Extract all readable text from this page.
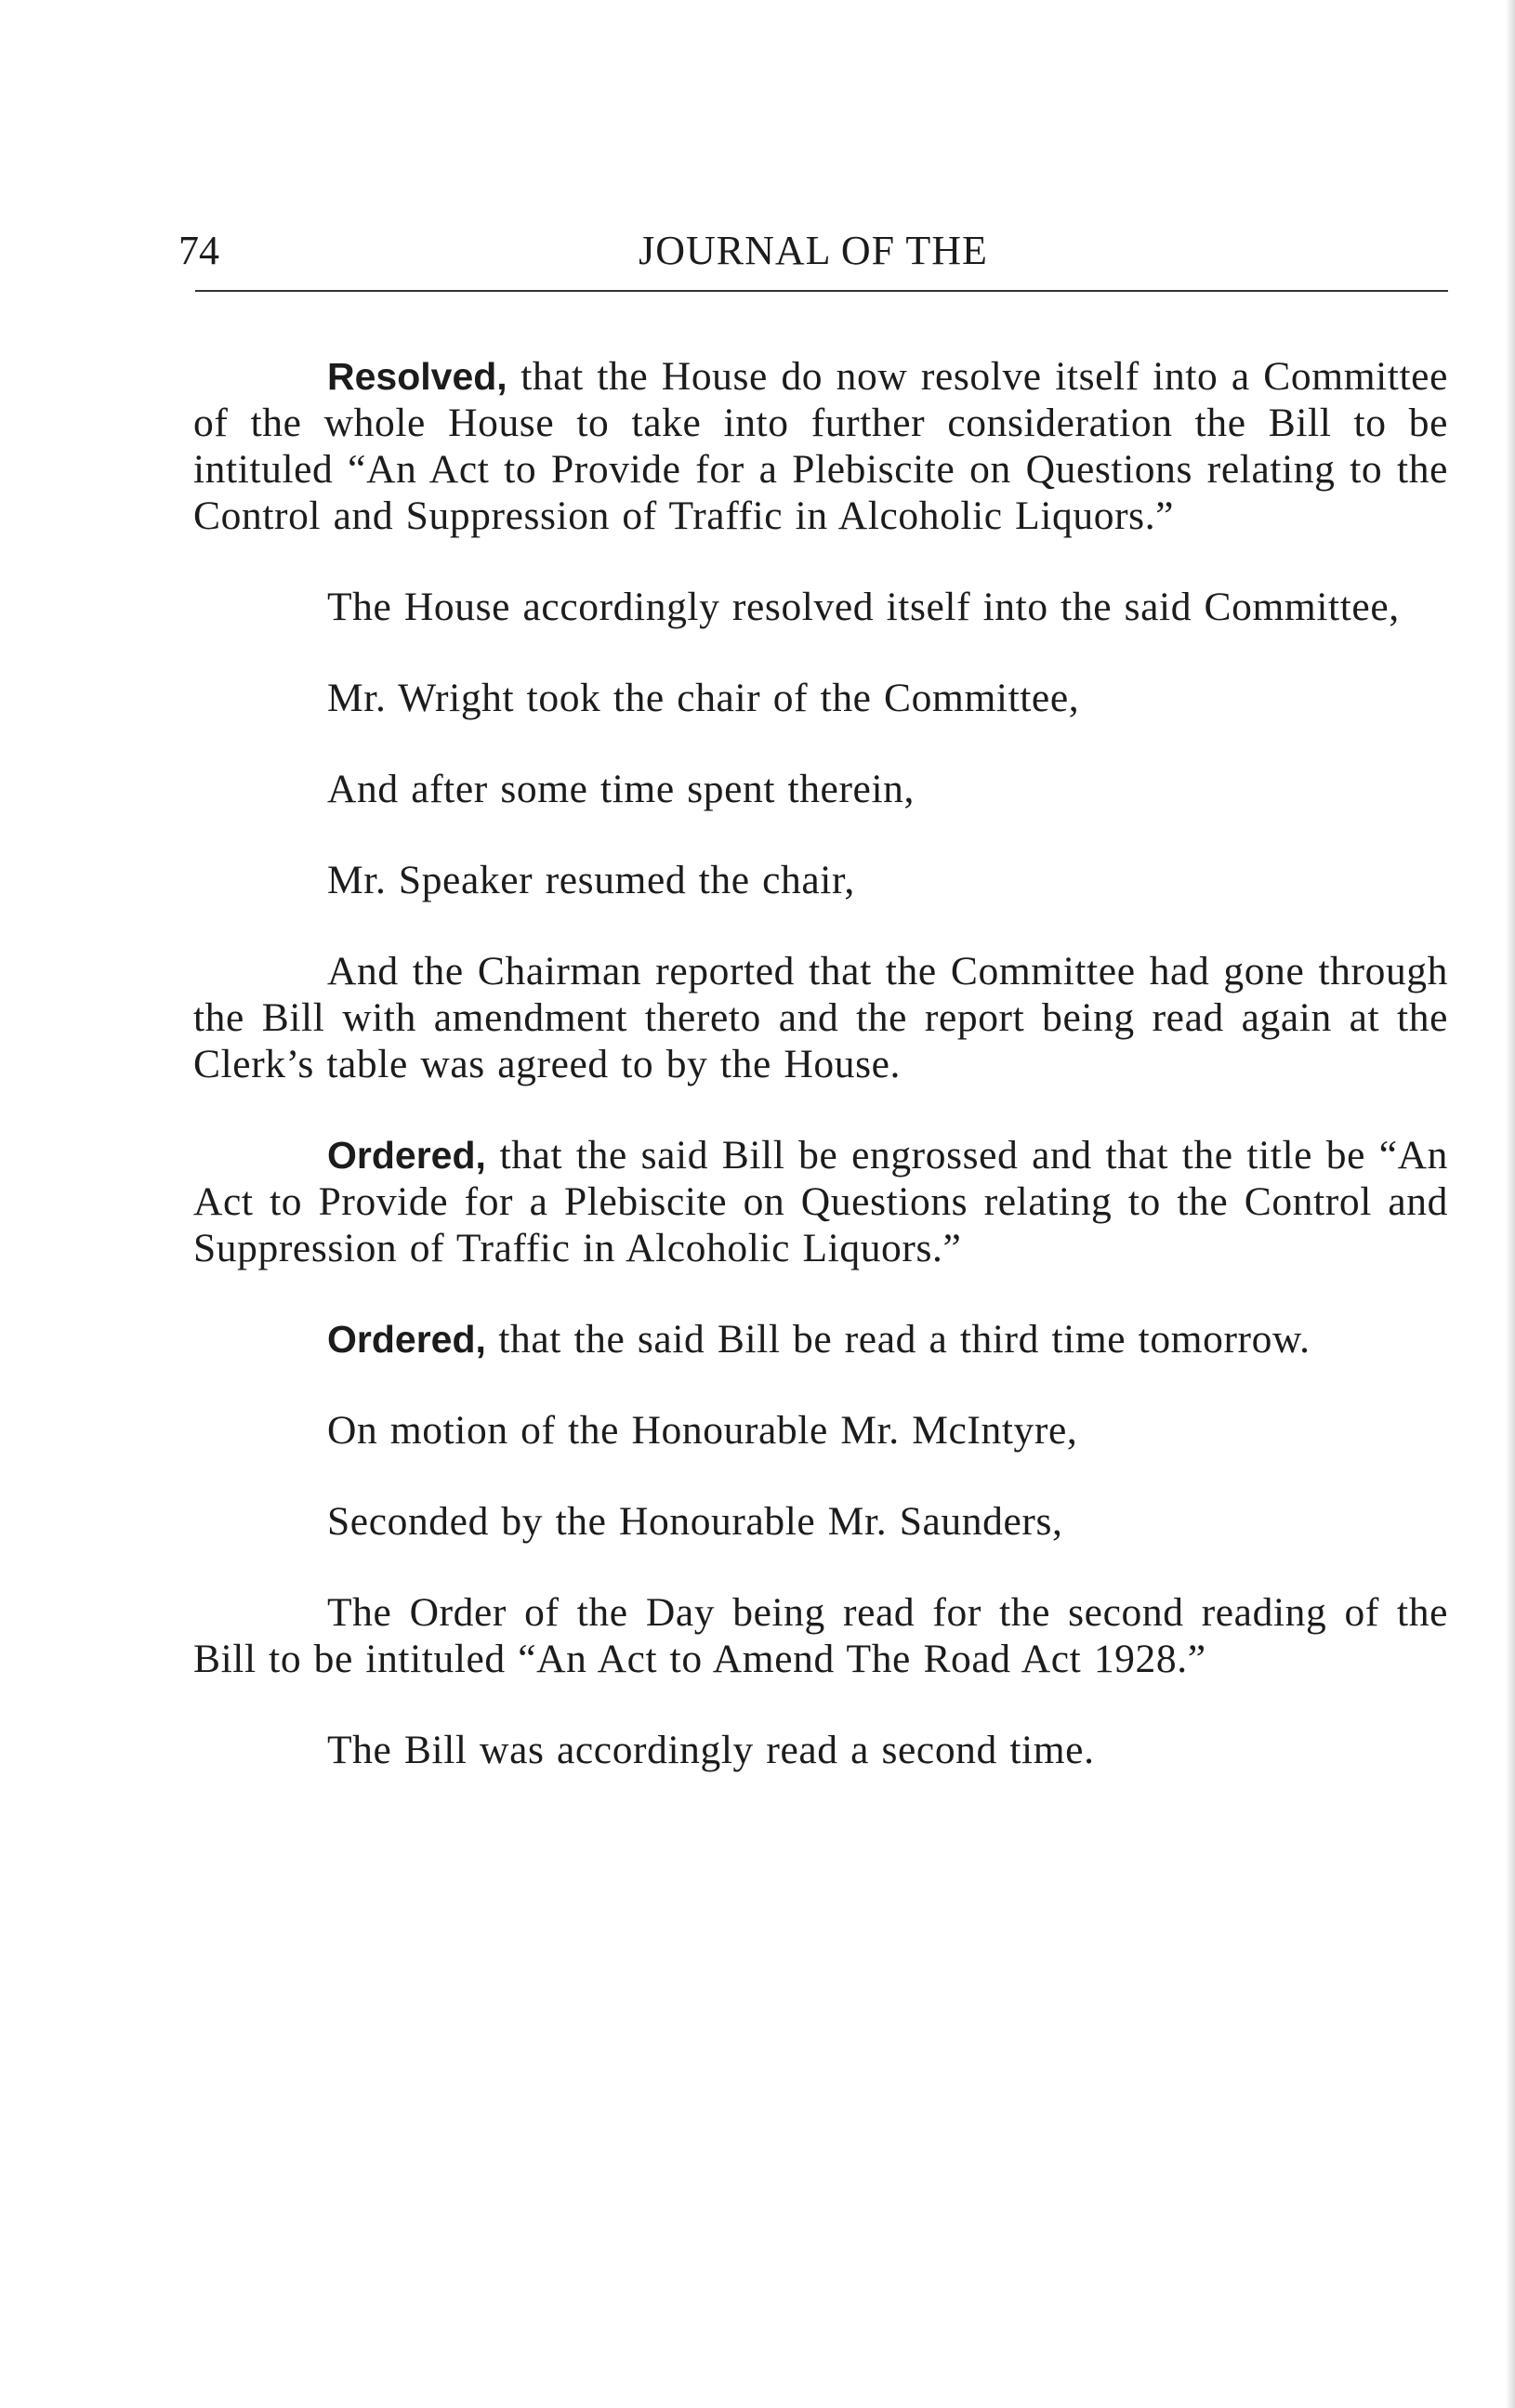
74	JOURNAL OF THE

Resolved, that the House do now resolve itself into a Committee of the whole House to take into further consideration the Bill to be intituled “An Act to Provide for a Plebiscite on Questions relating to the Control and Suppression of Traffic in Alcoholic Liquors.”

The House accordingly resolved itself into the said Committee,

Mr. Wright took the chair of the Committee,

And after some time spent therein,

Mr. Speaker resumed the chair,

And the Chairman reported that the Committee had gone through the Bill with amendment thereto and the report being read again at the Clerk’s table was agreed to by the House.

Ordered, that the said Bill be engrossed and that the title be “An Act to Provide for a Plebiscite on Questions relating to the Control and Suppression of Traffic in Alcoholic Liquors.”

Ordered, that the said Bill be read a third time tomorrow.

On motion of the Honourable Mr. McIntyre,

Seconded by the Honourable Mr. Saunders,

The Order of the Day being read for the second reading of the Bill to be intituled “An Act to Amend The Road Act 1928.”

The Bill was accordingly read a second time.
